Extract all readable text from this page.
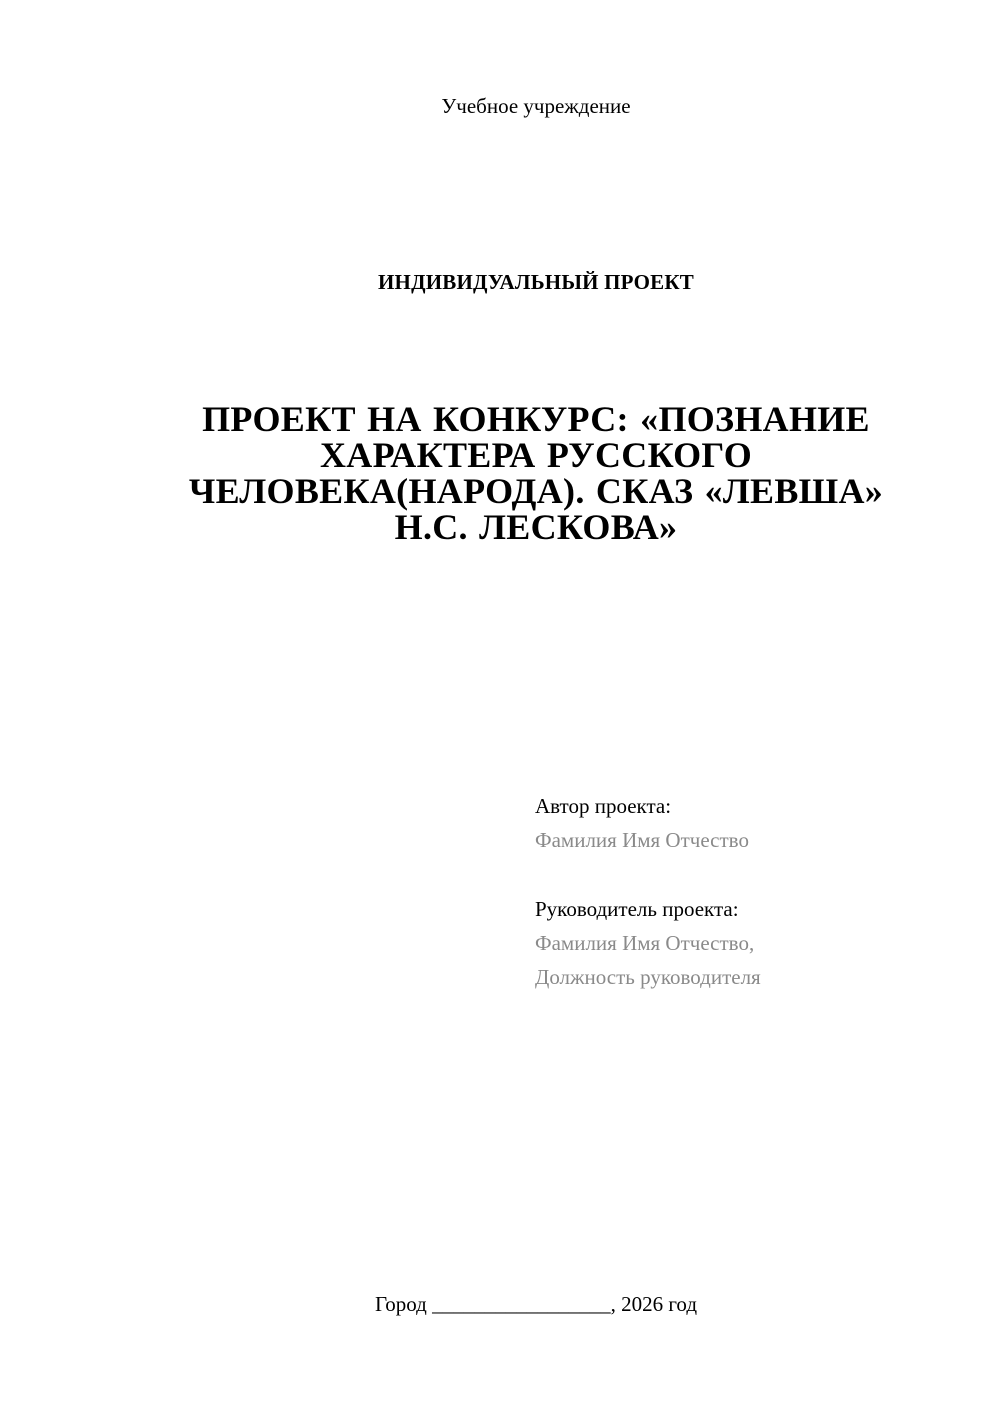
Учебное учреждение
ИНДИВИДУАЛЬНЫЙ ПРОЕКТ
ПРОЕКТ НА КОНКУРС: «ПОЗНАНИЕ
ХАРАКТЕРА РУССКОГО
ЧЕЛОВЕКА(НАРОДА). СКАЗ «ЛЕВША»
Н.С. ЛЕСКОВА»
Автор проекта:
Фамилия Имя Отчество
Руководитель проекта:
Фамилия Имя Отчество,
Должность руководителя
Город _________________, 2026 год
